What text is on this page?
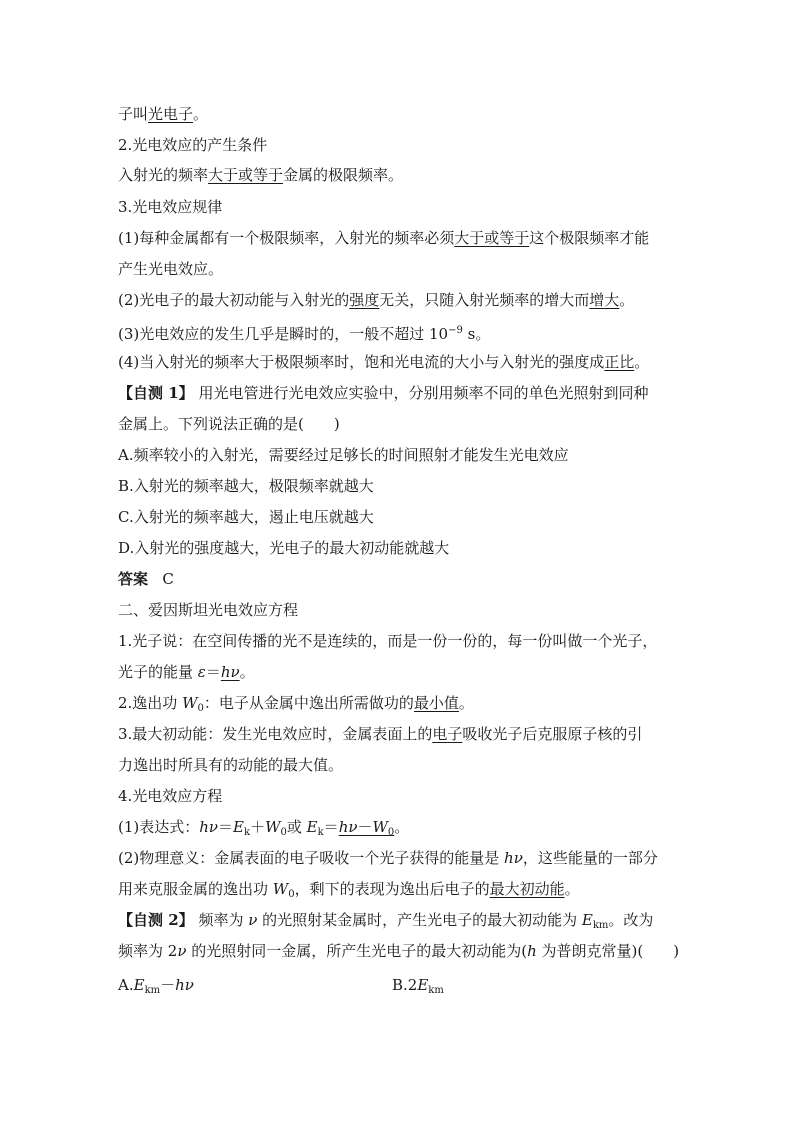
子叫光电子。
2.光电效应的产生条件
入射光的频率大于或等于金属的极限频率。
3.光电效应规律
(1)每种金属都有一个极限频率，入射光的频率必须大于或等于这个极限频率才能
产生光电效应。
(2)光电子的最大初动能与入射光的强度无关，只随入射光频率的增大而增大。
(3)光电效应的发生几乎是瞬时的，一般不超过 $10^{-9}$ s。
(4)当入射光的频率大于极限频率时，饱和光电流的大小与入射光的强度成正比。
【自测 1】 用光电管进行光电效应实验中，分别用频率不同的单色光照射到同种
金属上。下列说法正确的是(　　)
A.频率较小的入射光，需要经过足够长的时间照射才能发生光电效应
B.入射光的频率越大，极限频率就越大
C.入射光的频率越大，遏止电压就越大
D.入射光的强度越大，光电子的最大初动能就越大
答案 C
二、爱因斯坦光电效应方程
1.光子说：在空间传播的光不是连续的，而是一份一份的，每一份叫做一个光子，
光子的能量 ε＝hν。
2.逸出功 $W_0$：电子从金属中逸出所需做功的最小值。
3.最大初动能：发生光电效应时，金属表面上的电子吸收光子后克服原子核的引
力逸出时所具有的动能的最大值。
4.光电效应方程
(1)表达式：$h\nu=E_k+W_0$或 $E_k=h\nu-W_0$。
(2)物理意义：金属表面的电子吸收一个光子获得的能量是 hν，这些能量的一部分
用来克服金属的逸出功 $W_0$，剩下的表现为逸出后电子的最大初动能。
【自测 2】 频率为 ν 的光照射某金属时，产生光电子的最大初动能为 $E_{km}$。改为
频率为 2ν 的光照射同一金属，所产生光电子的最大初动能为(h 为普朗克常量)(　　)
$A.E_{km}-h\nu$	$B.2E_{km}$
